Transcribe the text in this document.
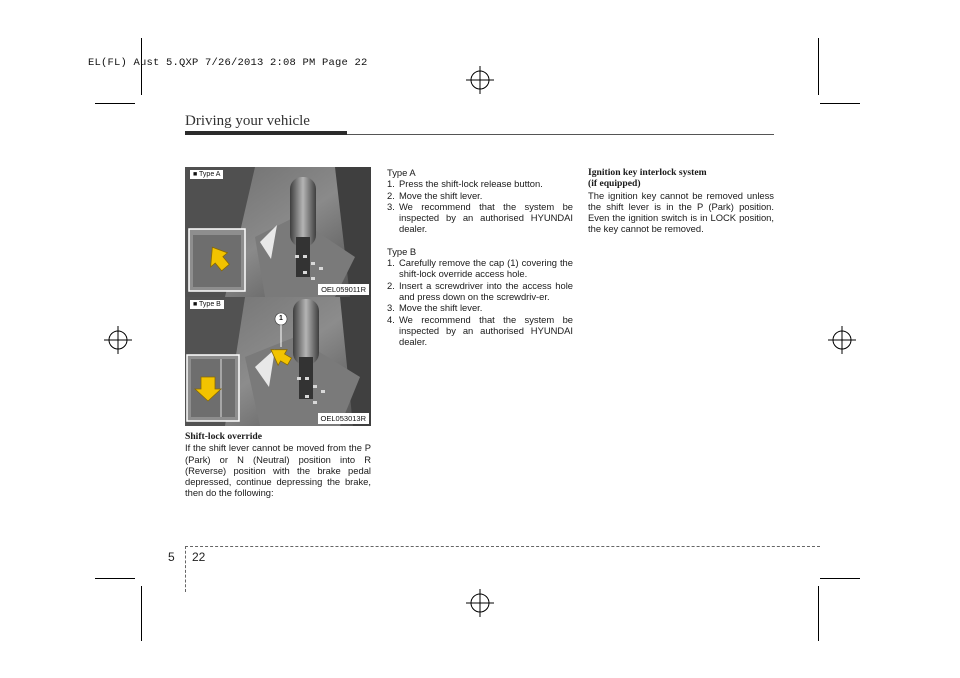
EL(FL) Aust 5.QXP 7/26/2013 2:08 PM Page 22
Driving your vehicle
■ Type A
OEL059011R
1
■ Type B
OEL053013R

Shift-lock override

If the shift lever cannot be moved from the P (Park) or N (Neutral) position into R (Reverse) position with the brake pedal depressed, continue depressing the brake, then do the following:

Type A

1. Press the shift-lock release button.
2. Move the shift lever.
3. We recommend that the system be inspected by an authorised HYUNDAI dealer.

Type B

1. Carefully remove the cap (1) covering the shift-lock override access hole.
2. Insert a screwdriver into the access hole and press down on the screwdriv-er.
3. Move the shift lever.
4. We recommend that the system be inspected by an authorised HYUNDAI dealer.

Ignition key interlock system

(if equipped)

The ignition key cannot be removed unless the shift lever is in the P (Park) position. Even the ignition switch is in LOCK position, the key cannot be removed.

5 22
